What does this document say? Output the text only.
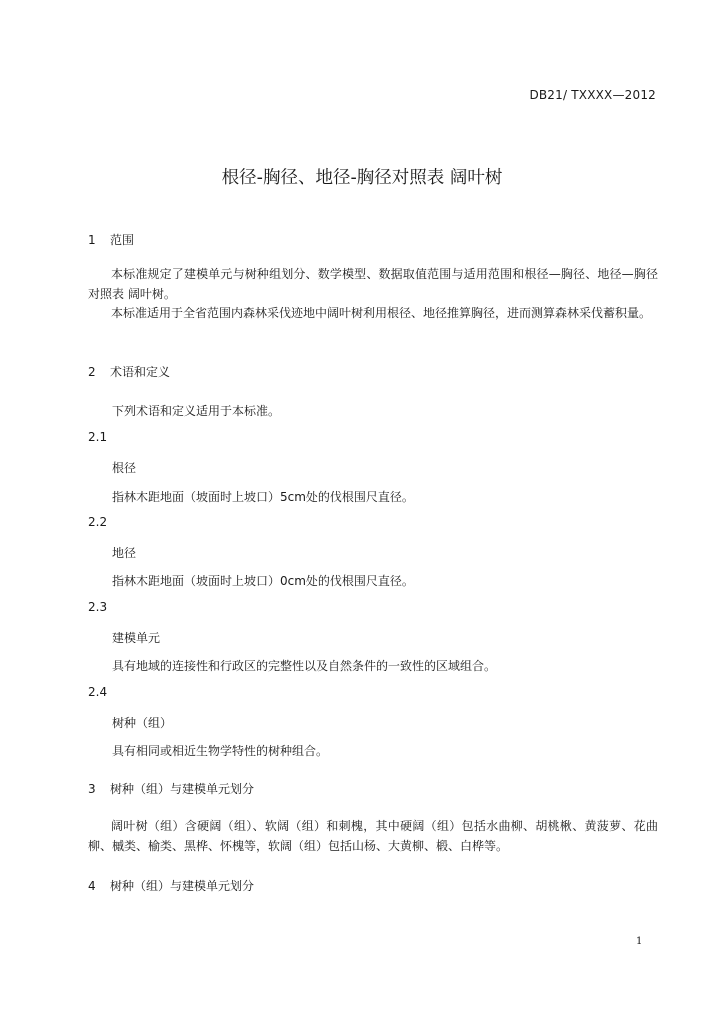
DB21/ TXXXX—2012
根径-胸径、地径-胸径对照表 阔叶树
1 范围
本标准规定了建模单元与树种组划分、数学模型、数据取值范围与适用范围和根径—胸径、地径—胸径对照表 阔叶树。
本标准适用于全省范围内森林采伐迹地中阔叶树利用根径、地径推算胸径，进而测算森林采伐蓄积量。
2 术语和定义
下列术语和定义适用于本标准。
2.1
根径
指林木距地面（坡面时上坡口）5cm处的伐根围尺直径。
2.2
地径
指林木距地面（坡面时上坡口）0cm处的伐根围尺直径。
2.3
建模单元
具有地域的连接性和行政区的完整性以及自然条件的一致性的区域组合。
2.4
树种（组）
具有相同或相近生物学特性的树种组合。
3 树种（组）与建模单元划分
阔叶树（组）含硬阔（组）、软阔（组）和刺槐，其中硬阔（组）包括水曲柳、胡桃楸、黄菠萝、花曲柳、槭类、榆类、黑桦、怀槐等，软阔（组）包括山杨、大黄柳、椴、白桦等。
4 树种（组）与建模单元划分
1
